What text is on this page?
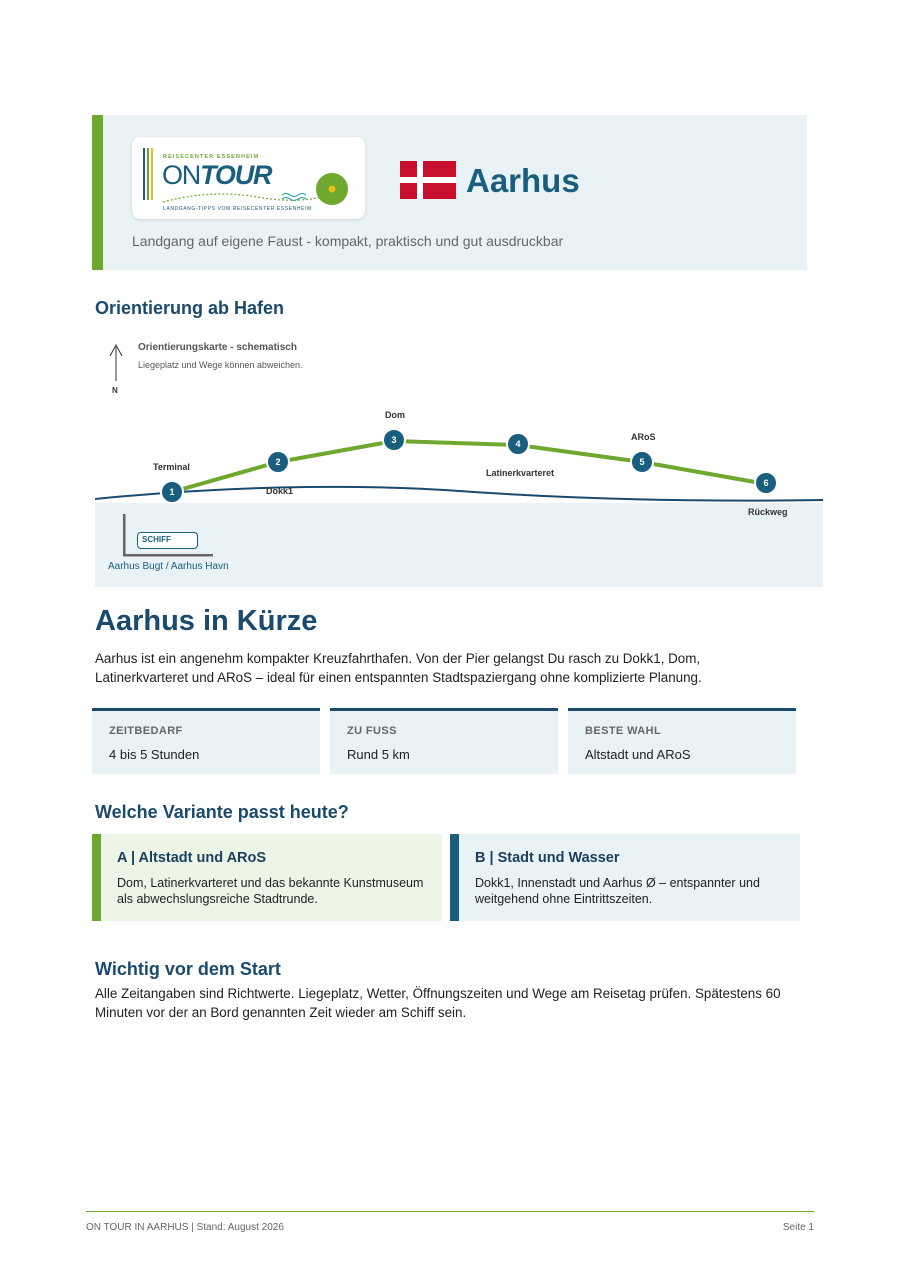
REISECENTER ESSENHEIM
ONTOUR
LANDGANG-TIPPS VOM REISECENTER ESSENHEIM
Aarhus
Landgang auf eigene Faust - kompakt, praktisch und gut ausdruckbar
Orientierung ab Hafen
Orientierungskarte - schematisch
Liegeplatz und Wege können abweichen.
N
1
2
3	4
5
6
Terminal
Dokk1
Dom
Latinerkvarteret
ARoS
Rückweg
SCHIFF
Aarhus Bugt / Aarhus Havn
Aarhus in Kürze
Aarhus ist ein angenehm kompakter Kreuzfahrthafen. Von der Pier gelangst Du rasch zu Dokk1, Dom, Latinerkvarteret und ARoS – ideal für einen entspannten Stadtspaziergang ohne komplizierte Planung.
ZEITBEDARF
4 bis 5 Stunden
ZU FUSS
Rund 5 km
BESTE WAHL
Altstadt und ARoS
Welche Variante passt heute?
A | Altstadt und ARoS
Dom, Latinerkvarteret und das bekannte Kunstmuseum als abwechslungsreiche Stadtrunde.
B | Stadt und Wasser
Dokk1, Innenstadt und Aarhus Ø – entspannter und weitgehend ohne Eintrittszeiten.
Wichtig vor dem Start
Alle Zeitangaben sind Richtwerte. Liegeplatz, Wetter, Öffnungszeiten und Wege am Reisetag prüfen. Spätestens 60 Minuten vor der an Bord genannten Zeit wieder am Schiff sein.
ON TOUR IN AARHUS | Stand: August 2026	Seite 1
